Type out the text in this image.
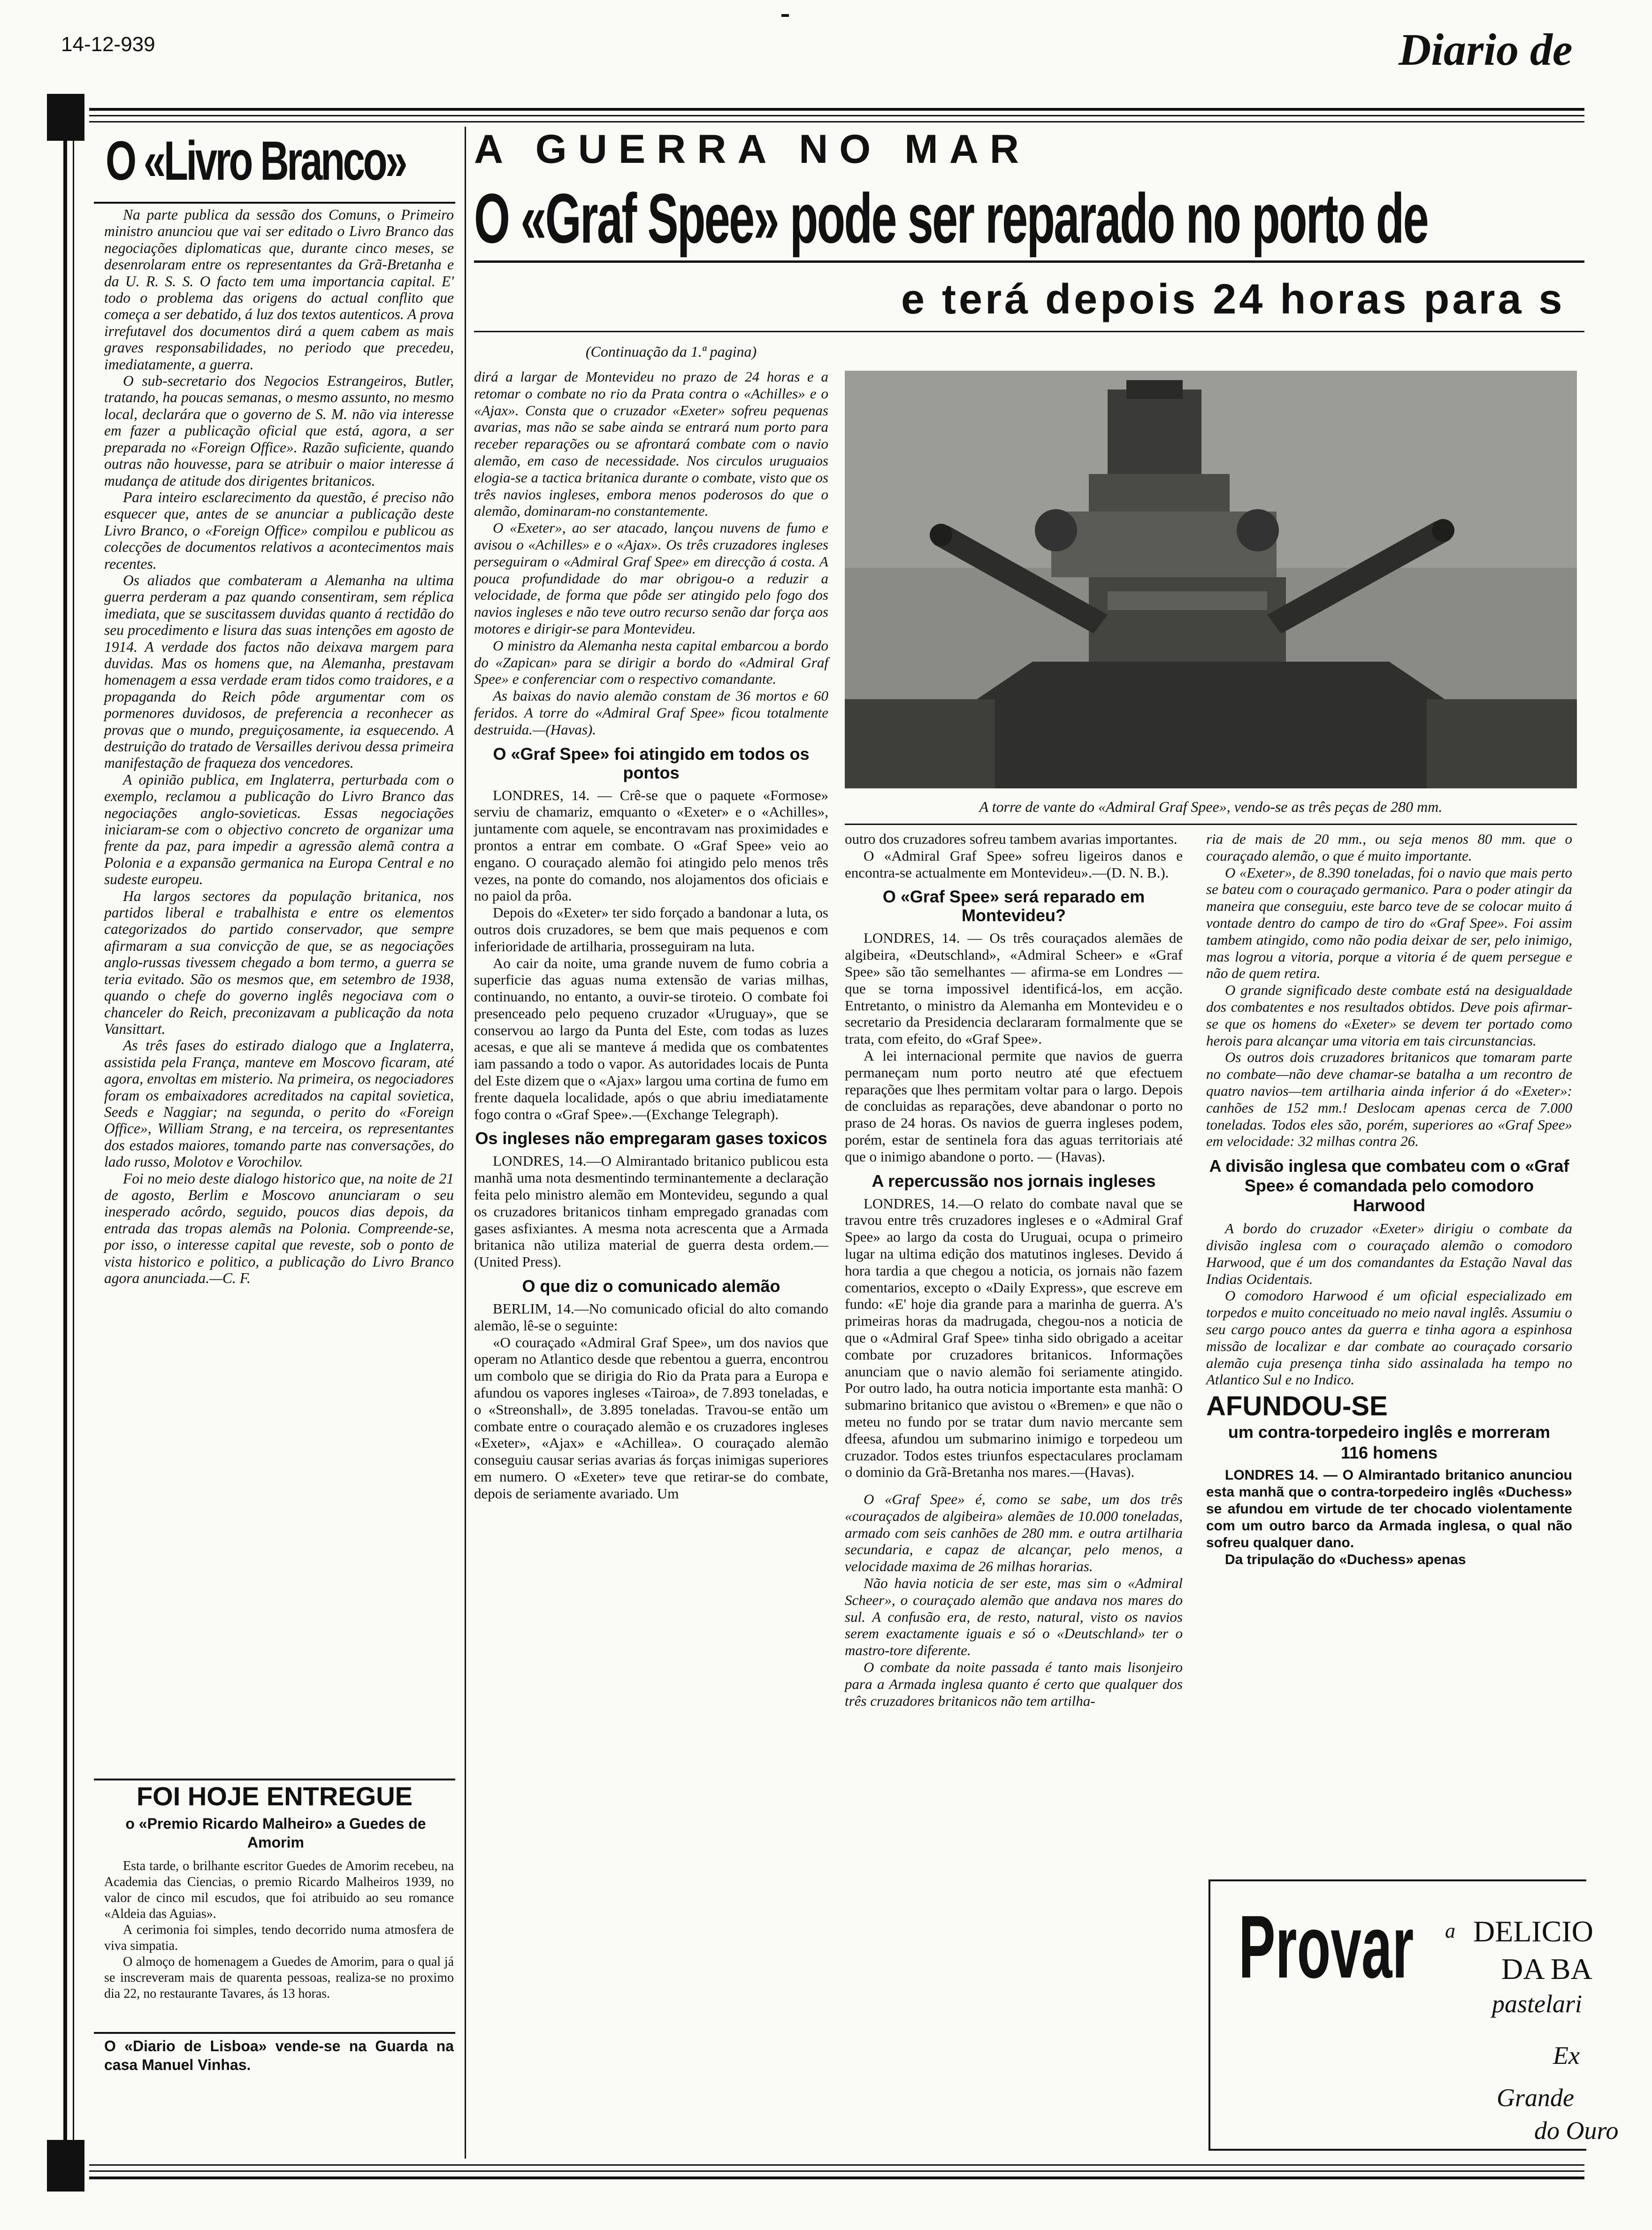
14-12-939	Diario de
O «Livro Branco»

Na parte publica da sessão dos Comuns, o Primeiro ministro anunciou que vai ser editado o Livro Branco das negociações diplomaticas que, durante cinco meses, se desenrolaram entre os representantes da Grã-Bretanha e da U. R. S. S. O facto tem uma importancia capital. E' todo o problema das origens do actual conflito que começa a ser debatido, á luz dos textos autenticos. A prova irrefutavel dos documentos dirá a quem cabem as mais graves responsabilidades, no periodo que precedeu, imediatamente, a guerra.

O sub-secretario dos Negocios Estrangeiros, Butler, tratando, ha poucas semanas, o mesmo assunto, no mesmo local, declarára que o governo de S. M. não via interesse em fazer a publicação oficial que está, agora, a ser preparada no «Foreign Office». Razão suficiente, quando outras não houvesse, para se atribuir o maior interesse á mudança de atitude dos dirigentes britanicos.

Para inteiro esclarecimento da questão, é preciso não esquecer que, antes de se anunciar a publicação deste Livro Branco, o «Foreign Office» compilou e publicou as colecções de documentos relativos a acontecimentos mais recentes.

Os aliados que combateram a Alemanha na ultima guerra perderam a paz quando consentiram, sem réplica imediata, que se suscitassem duvidas quanto á rectidão do seu procedimento e lisura das suas intenções em agosto de 1914. A verdade dos factos não deixava margem para duvidas. Mas os homens que, na Alemanha, prestavam homenagem a essa verdade eram tidos como traidores, e a propaganda do Reich pôde argumentar com os pormenores duvidosos, de preferencia a reconhecer as provas que o mundo, preguiçosamente, ia esquecendo. A destruição do tratado de Versailles derivou dessa primeira manifestação de fraqueza dos vencedores.

A opinião publica, em Inglaterra, perturbada com o exemplo, reclamou a publicação do Livro Branco das negociações anglo-sovieticas. Essas negociações iniciaram-se com o objectivo concreto de organizar uma frente da paz, para impedir a agressão alemã contra a Polonia e a expansão germanica na Europa Central e no sudeste europeu.

Ha largos sectores da população britanica, nos partidos liberal e trabalhista e entre os elementos categorizados do partido conservador, que sempre afirmaram a sua convicção de que, se as negociações anglo-russas tivessem chegado a bom termo, a guerra se teria evitado. São os mesmos que, em setembro de 1938, quando o chefe do governo inglês negociava com o chanceler do Reich, preconizavam a publicação da nota Vansittart.

As três fases do estirado dialogo que a Inglaterra, assistida pela França, manteve em Moscovo ficaram, até agora, envoltas em misterio. Na primeira, os negociadores foram os embaixadores acreditados na capital sovietica, Seeds e Naggiar; na segunda, o perito do «Foreign Office», William Strang, e na terceira, os representantes dos estados maiores, tomando parte nas conversações, do lado russo, Molotov e Vorochilov.

Foi no meio deste dialogo historico que, na noite de 21 de agosto, Berlim e Moscovo anunciaram o seu inesperado acôrdo, seguido, poucos dias depois, da entrada das tropas alemãs na Polonia. Compreende-se, por isso, o interesse capital que reveste, sob o ponto de vista historico e politico, a publicação do Livro Branco agora anunciada.—C. F.

FOI HOJE ENTREGUE
o «Premio Ricardo Malheiro» a Guedes de Amorim

Esta tarde, o brilhante escritor Guedes de Amorim recebeu, na Academia das Ciencias, o premio Ricardo Malheiros 1939, no valor de cinco mil escudos, que foi atribuido ao seu romance «Aldeia das Aguias».

A cerimonia foi simples, tendo decorrido numa atmosfera de viva simpatia.

O almoço de homenagem a Guedes de Amorim, para o qual já se inscreveram mais de quarenta pessoas, realiza-se no proximo dia 22, no restaurante Tavares, ás 13 horas.

O «Diario de Lisboa» vende-se na Guarda na casa Manuel Vinhas.
A GUERRA NO MAR
O «Graf Spee» pode ser reparado no porto de
e terá depois 24 horas para s
A torre de vante do «Admiral Graf Spee», vendo-se as três peças de 280 mm.
(Continuação da 1.ª pagina)

dirá a largar de Montevideu no prazo de 24 horas e a retomar o combate no rio da Prata contra o «Achilles» e o «Ajax». Consta que o cruzador «Exeter» sofreu pequenas avarias, mas não se sabe ainda se entrará num porto para receber reparações ou se afrontará combate com o navio alemão, em caso de necessidade. Nos circulos uruguaios elogia-se a tactica britanica durante o combate, visto que os três navios ingleses, embora menos poderosos do que o alemão, dominaram-no constantemente.

O «Exeter», ao ser atacado, lançou nuvens de fumo e avisou o «Achilles» e o «Ajax». Os três cruzadores ingleses perseguiram o «Admiral Graf Spee» em direcção á costa. A pouca profundidade do mar obrigou-o a reduzir a velocidade, de forma que pôde ser atingido pelo fogo dos navios ingleses e não teve outro recurso senão dar força aos motores e dirigir-se para Montevideu.

O ministro da Alemanha nesta capital embarcou a bordo do «Zapican» para se dirigir a bordo do «Admiral Graf Spee» e conferenciar com o respectivo comandante.

As baixas do navio alemão constam de 36 mortos e 60 feridos. A torre do «Admiral Graf Spee» ficou totalmente destruida.—(Havas).

O «Graf Spee» foi atingido em todos os pontos

LONDRES, 14. — Crê-se que o paquete «Formose» serviu de chamariz, emquanto o «Exeter» e o «Achilles», juntamente com aquele, se encontravam nas proximidades e prontos a entrar em combate. O «Graf Spee» veio ao engano. O couraçado alemão foi atingido pelo menos três vezes, na ponte do comando, nos alojamentos dos oficiais e no paiol da prôa.

Depois do «Exeter» ter sido forçado a bandonar a luta, os outros dois cruzadores, se bem que mais pequenos e com inferioridade de artilharia, prosseguiram na luta.

Ao cair da noite, uma grande nuvem de fumo cobria a superficie das aguas numa extensão de varias milhas, continuando, no entanto, a ouvir-se tiroteio. O combate foi presenceado pelo pequeno cruzador «Uruguay», que se conservou ao largo da Punta del Este, com todas as luzes acesas, e que ali se manteve á medida que os combatentes iam passando a todo o vapor. As autoridades locais de Punta del Este dizem que o «Ajax» largou uma cortina de fumo em frente daquela localidade, após o que abriu imediatamente fogo contra o «Graf Spee».—(Exchange Telegraph).

Os ingleses não empregaram gases toxicos

LONDRES, 14.—O Almirantado britanico publicou esta manhã uma nota desmentindo terminantemente a declaração feita pelo ministro alemão em Montevideu, segundo a qual os cruzadores britanicos tinham empregado granadas com gases asfixiantes. A mesma nota acrescenta que a Armada britanica não utiliza material de guerra desta ordem.—(United Press).

O que diz o comunicado alemão

BERLIM, 14.—No comunicado oficial do alto comando alemão, lê-se o seguinte:

«O couraçado «Admiral Graf Spee», um dos navios que operam no Atlantico desde que rebentou a guerra, encontrou um combolo que se dirigia do Rio da Prata para a Europa e afundou os vapores ingleses «Tairoa», de 7.893 toneladas, e o «Streonshall», de 3.895 toneladas. Travou-se então um combate entre o couraçado alemão e os cruzadores ingleses «Exeter», «Ajax» e «Achillea». O couraçado alemão conseguiu causar serias avarias ás forças inimigas superiores em numero. O «Exeter» teve que retirar-se do combate, depois de seriamente avariado. Um

outro dos cruzadores sofreu tambem avarias importantes.

O «Admiral Graf Spee» sofreu ligeiros danos e encontra-se actualmente em Montevideu».—(D. N. B.).

O «Graf Spee» será reparado em Montevideu?

LONDRES, 14. — Os três couraçados alemães de algibeira, «Deutschland», «Admiral Scheer» e «Graf Spee» são tão semelhantes — afirma-se em Londres — que se torna impossivel identificá-los, em acção. Entretanto, o ministro da Alemanha em Montevideu e o secretario da Presidencia declararam formalmente que se trata, com efeito, do «Graf Spee».

A lei internacional permite que navios de guerra permaneçam num porto neutro até que efectuem reparações que lhes permitam voltar para o largo. Depois de concluidas as reparações, deve abandonar o porto no praso de 24 horas. Os navios de guerra ingleses podem, porém, estar de sentinela fora das aguas territoriais até que o inimigo abandone o porto. — (Havas).

A repercussão nos jornais ingleses

LONDRES, 14.—O relato do combate naval que se travou entre três cruzadores ingleses e o «Admiral Graf Spee» ao largo da costa do Uruguai, ocupa o primeiro lugar na ultima edição dos matutinos ingleses. Devido á hora tardia a que chegou a noticia, os jornais não fazem comentarios, excepto o «Daily Express», que escreve em fundo: «E' hoje dia grande para a marinha de guerra. A's primeiras horas da madrugada, chegou-nos a noticia de que o «Admiral Graf Spee» tinha sido obrigado a aceitar combate por cruzadores britanicos. Informações anunciam que o navio alemão foi seriamente atingido. Por outro lado, ha outra noticia importante esta manhã: O submarino britanico que avistou o «Bremen» e que não o meteu no fundo por se tratar dum navio mercante sem dfeesa, afundou um submarino inimigo e torpedeou um cruzador. Todos estes triunfos espectaculares proclamam o dominio da Grã-Bretanha nos mares.—(Havas).

O «Graf Spee» é, como se sabe, um dos três «couraçados de algibeira» alemães de 10.000 toneladas, armado com seis canhões de 280 mm. e outra artilharia secundaria, e capaz de alcançar, pelo menos, a velocidade maxima de 26 milhas horarias.

Não havia noticia de ser este, mas sim o «Admiral Scheer», o couraçado alemão que andava nos mares do sul. A confusão era, de resto, natural, visto os navios serem exactamente iguais e só o «Deutschland» ter o mastro-tore diferente.

O combate da noite passada é tanto mais lisonjeiro para a Armada inglesa quanto é certo que qualquer dos três cruzadores britanicos não tem artilha-

ria de mais de 20 mm., ou seja menos 80 mm. que o couraçado alemão, o que é muito importante.

O «Exeter», de 8.390 toneladas, foi o navio que mais perto se bateu com o couraçado germanico. Para o poder atingir da maneira que conseguiu, este barco teve de se colocar muito á vontade dentro do campo de tiro do «Graf Spee». Foi assim tambem atingido, como não podia deixar de ser, pelo inimigo, mas logrou a vitoria, porque a vitoria é de quem persegue e não de quem retira.

O grande significado deste combate está na desigualdade dos combatentes e nos resultados obtidos. Deve pois afirmar-se que os homens do «Exeter» se devem ter portado como herois para alcançar uma vitoria em tais circunstancias.

Os outros dois cruzadores britanicos que tomaram parte no combate—não deve chamar-se batalha a um recontro de quatro navios—tem artilharia ainda inferior á do «Exeter»: canhões de 152 mm.! Deslocam apenas cerca de 7.000 toneladas. Todos eles são, porém, superiores ao «Graf Spee» em velocidade: 32 milhas contra 26.

A divisão inglesa que combateu com o «Graf Spee» é comandada pelo comodoro Harwood

A bordo do cruzador «Exeter» dirigiu o combate da divisão inglesa com o couraçado alemão o comodoro Harwood, que é um dos comandantes da Estação Naval das Indias Ocidentais.

O comodoro Harwood é um oficial especializado em torpedos e muito conceituado no meio naval inglês. Assumiu o seu cargo pouco antes da guerra e tinha agora a espinhosa missão de localizar e dar combate ao couraçado corsario alemão cuja presença tinha sido assinalada ha tempo no Atlantico Sul e no Indico.

AFUNDOU-SE
um contra-torpedeiro inglês e morreram 116 homens

LONDRES 14. — O Almirantado britanico anunciou esta manhã que o contra-torpedeiro inglês «Duchess» se afundou em virtude de ter chocado violentamente com um outro barco da Armada inglesa, o qual não sofreu qualquer dano.

Da tripulação do «Duchess» apenas

Provar a DELICIO
DA BA
pastelari
Ex
Grande
do Ouro
